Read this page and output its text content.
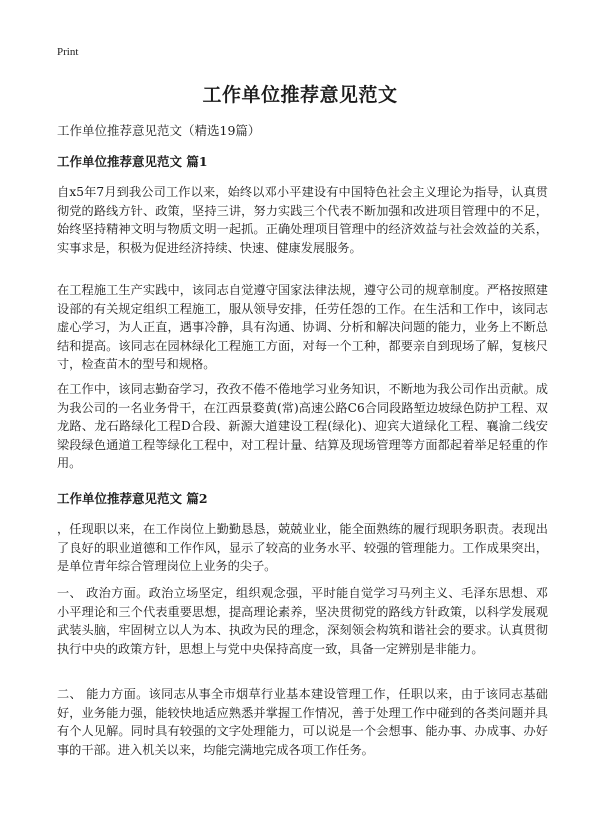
Print
工作单位推荐意见范文

工作单位推荐意见范文（精选19篇）

工作单位推荐意见范文 篇1

自x5年7月到我公司工作以来，始终以邓小平建设有中国特色社会主义理论为指导，认真贯彻党的路线方针、政策，坚持三讲，努力实践三个代表不断加强和改进项目管理中的不足，始终坚持精神文明与物质文明一起抓。正确处理项目管理中的经济效益与社会效益的关系，实事求是，积极为促进经济持续、快速、健康发展服务。

在工程施工生产实践中，该同志自觉遵守国家法律法规，遵守公司的规章制度。严格按照建设部的有关规定组织工程施工，服从领导安排，任劳任怨的工作。在生活和工作中，该同志虚心学习，为人正直，遇事冷静，具有沟通、协调、分析和解决问题的能力，业务上不断总结和提高。该同志在园林绿化工程施工方面，对每一个工种，都要亲自到现场了解，复核尺寸，检查苗木的型号和规格。

在工作中，该同志勤奋学习，孜孜不倦不倦地学习业务知识，不断地为我公司作出贡献。成为我公司的一名业务骨干，在江西景婺黄(常)高速公路C6合同段路堑边坡绿色防护工程、双龙路、龙石路绿化工程D合段、新源大道建设工程(绿化)、迎宾大道绿化工程、襄渝二线安梁段绿色通道工程等绿化工程中，对工程计量、结算及现场管理等方面都起着举足轻重的作用。

工作单位推荐意见范文 篇2

，任现职以来，在工作岗位上勤勤恳恳，兢兢业业，能全面熟练的履行现职务职责。表现出了良好的职业道德和工作作风，显示了较高的业务水平、较强的管理能力。工作成果突出，是单位青年综合管理岗位上业务的尖子。

一、 政治方面。政治立场坚定，组织观念强，平时能自觉学习马列主义、毛泽东思想、邓小平理论和三个代表重要思想，提高理论素养，坚决贯彻党的路线方针政策，以科学发展观武装头脑，牢固树立以人为本、执政为民的理念，深刻领会构筑和谐社会的要求。认真贯彻执行中央的政策方针，思想上与党中央保持高度一致，具备一定辨别是非能力。

二、 能力方面。该同志从事全市烟草行业基本建设管理工作，任职以来，由于该同志基础好，业务能力强，能较快地适应熟悉并掌握工作情况，善于处理工作中碰到的各类问题并具有个人见解。同时具有较强的文字处理能力，可以说是一个会想事、能办事、办成事、办好事的干部。进入机关以来，均能完满地完成各项工作任务。
